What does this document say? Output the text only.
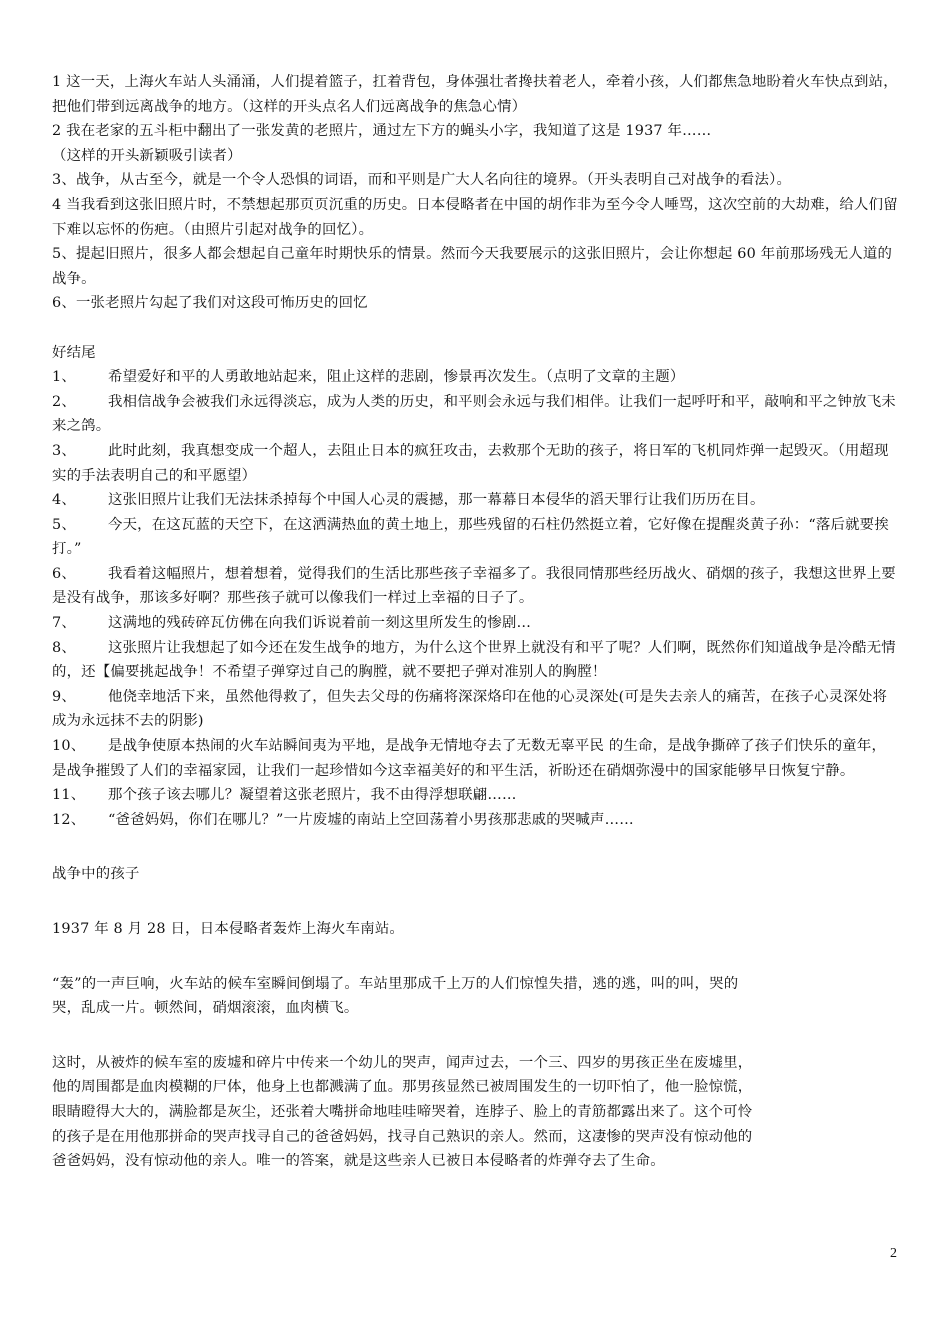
1 这一天，上海火车站人头涌涌，人们提着篮子，扛着背包，身体强壮者搀扶着老人，牵着小孩，人们都焦急地盼着火车快点到站，把他们带到远离战争的地方。（这样的开头点名人们远离战争的焦急心情）

2 我在老家的五斗柜中翻出了一张发黄的老照片，通过左下方的蝇头小字，我知道了这是 1937 年……

（这样的开头新颖吸引读者）

3、战争，从古至今，就是一个令人恐惧的词语，而和平则是广大人名向往的境界。（开头表明自己对战争的看法）。

4 当我看到这张旧照片时，不禁想起那页页沉重的历史。日本侵略者在中国的胡作非为至今令人唾骂，这次空前的大劫难，给人们留下难以忘怀的伤疤。（由照片引起对战争的回忆）。

5、提起旧照片，很多人都会想起自己童年时期快乐的情景。然而今天我要展示的这张旧照片，会让你想起 60 年前那场残无人道的战争。

6、一张老照片勾起了我们对这段可怖历史的回忆

好结尾

1、 希望爱好和平的人勇敢地站起来，阻止这样的悲剧，惨景再次发生。（点明了文章的主题）

2、 我相信战争会被我们永远得淡忘，成为人类的历史，和平则会永远与我们相伴。让我们一起呼吁和平，敲响和平之钟放飞未来之鸽。

3、 此时此刻，我真想变成一个超人，去阻止日本的疯狂攻击，去救那个无助的孩子，将日军的飞机同炸弹一起毁灭。（用超现实的手法表明自己的和平愿望）

4、 这张旧照片让我们无法抹杀掉每个中国人心灵的震撼，那一幕幕日本侵华的滔天罪行让我们历历在目。

5、 今天，在这瓦蓝的天空下，在这洒满热血的黄土地上，那些残留的石柱仍然挺立着，它好像在提醒炎黄子孙：“落后就要挨打。”

6、 我看着这幅照片，想着想着，觉得我们的生活比那些孩子幸福多了。我很同情那些经历战火、硝烟的孩子，我想这世界上要是没有战争，那该多好啊？那些孩子就可以像我们一样过上幸福的日子了。

7、 这满地的残砖碎瓦仿佛在向我们诉说着前一刻这里所发生的惨剧…

8、 这张照片让我想起了如今还在发生战争的地方，为什么这个世界上就没有和平了呢？人们啊，既然你们知道战争是冷酷无情的，还【偏要挑起战争！不希望子弹穿过自己的胸膛，就不要把子弹对准别人的胸膛！

9、 他侥幸地活下来，虽然他得救了，但失去父母的伤痛将深深烙印在他的心灵深处(可是失去亲人的痛苦，在孩子心灵深处将成为永远抹不去的阴影)

10、 是战争使原本热闹的火车站瞬间夷为平地，是战争无情地夺去了无数无辜平民 的生命，是战争撕碎了孩子们快乐的童年，是战争摧毁了人们的幸福家园，让我们一起珍惜如今这幸福美好的和平生活，祈盼还在硝烟弥漫中的国家能够早日恢复宁静。

11、 那个孩子该去哪儿？凝望着这张老照片，我不由得浮想联翩……

12、 “爸爸妈妈，你们在哪儿？”一片废墟的南站上空回荡着小男孩那悲戚的哭喊声……

战争中的孩子

1937 年 8 月 28 日，日本侵略者轰炸上海火车南站。

“轰”的一声巨响，火车站的候车室瞬间倒塌了。车站里那成千上万的人们惊惶失措，逃的逃，叫的叫，哭的哭，乱成一片。顿然间，硝烟滚滚，血肉横飞。

这时，从被炸的候车室的废墟和碎片中传来一个幼儿的哭声，闻声过去，一个三、四岁的男孩正坐在废墟里，他的周围都是血肉模糊的尸体，他身上也都溅满了血。那男孩显然已被周围发生的一切吓怕了，他一脸惊慌，眼睛瞪得大大的，满脸都是灰尘，还张着大嘴拼命地哇哇啼哭着，连脖子、脸上的青筋都露出来了。这个可怜的孩子是在用他那拼命的哭声找寻自己的爸爸妈妈，找寻自己熟识的亲人。然而，这凄惨的哭声没有惊动他的爸爸妈妈，没有惊动他的亲人。唯一的答案，就是这些亲人已被日本侵略者的炸弹夺去了生命。

2
